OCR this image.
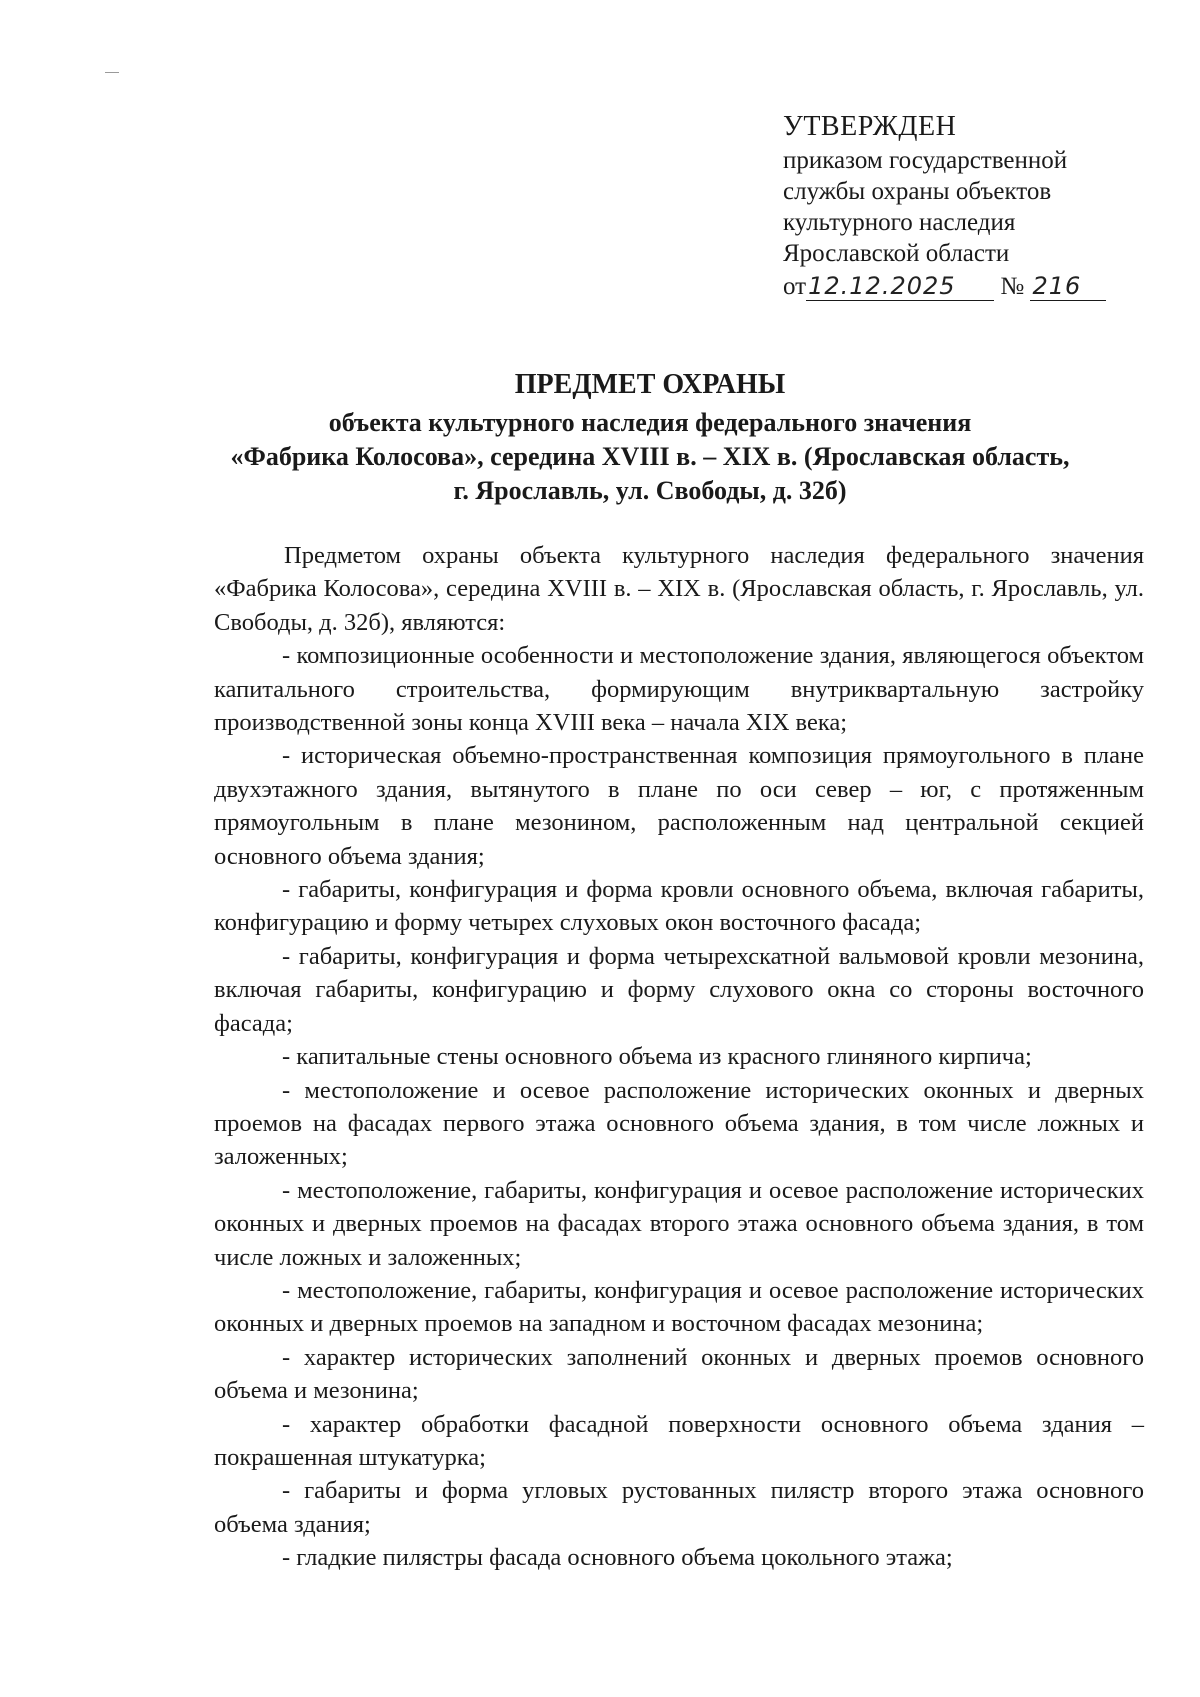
УТВЕРЖДЕН
приказом государственной
службы охраны объектов
культурного наследия
Ярославской области
от12.12.2025 № 216
ПРЕДМЕТ ОХРАНЫ
объекта культурного наследия федерального значения
«Фабрика Колосова», середина XVIII в. – XIX в. (Ярославская область,
г. Ярославль, ул. Свободы, д. 32б)

Предметом охраны объекта культурного наследия федерального значения «Фабрика Колосова», середина XVIII в. – XIX в. (Ярославская область, г. Ярославль, ул. Свободы, д. 32б), являются:

- композиционные особенности и местоположение здания, являющегося объектом капитального строительства, формирующим внутриквартальную застройку производственной зоны конца XVIII века – начала XIX века;

- историческая объемно-пространственная композиция прямоугольного в плане двухэтажного здания, вытянутого в плане по оси север – юг, с протяженным прямоугольным в плане мезонином, расположенным над центральной секцией основного объема здания;

- габариты, конфигурация и форма кровли основного объема, включая габариты, конфигурацию и форму четырех слуховых окон восточного фасада;

- габариты, конфигурация и форма четырехскатной вальмовой кровли мезонина, включая габариты, конфигурацию и форму слухового окна со стороны восточного фасада;

- капитальные стены основного объема из красного глиняного кирпича;

- местоположение и осевое расположение исторических оконных и дверных проемов на фасадах первого этажа основного объема здания, в том числе ложных и заложенных;

- местоположение, габариты, конфигурация и осевое расположение исторических оконных и дверных проемов на фасадах второго этажа основного объема здания, в том числе ложных и заложенных;

- местоположение, габариты, конфигурация и осевое расположение исторических оконных и дверных проемов на западном и восточном фасадах мезонина;

- характер исторических заполнений оконных и дверных проемов основного объема и мезонина;

- характер обработки фасадной поверхности основного объема здания – покрашенная штукатурка;

- габариты и форма угловых рустованных пилястр второго этажа основного объема здания;

- гладкие пилястры фасада основного объема цокольного этажа;
